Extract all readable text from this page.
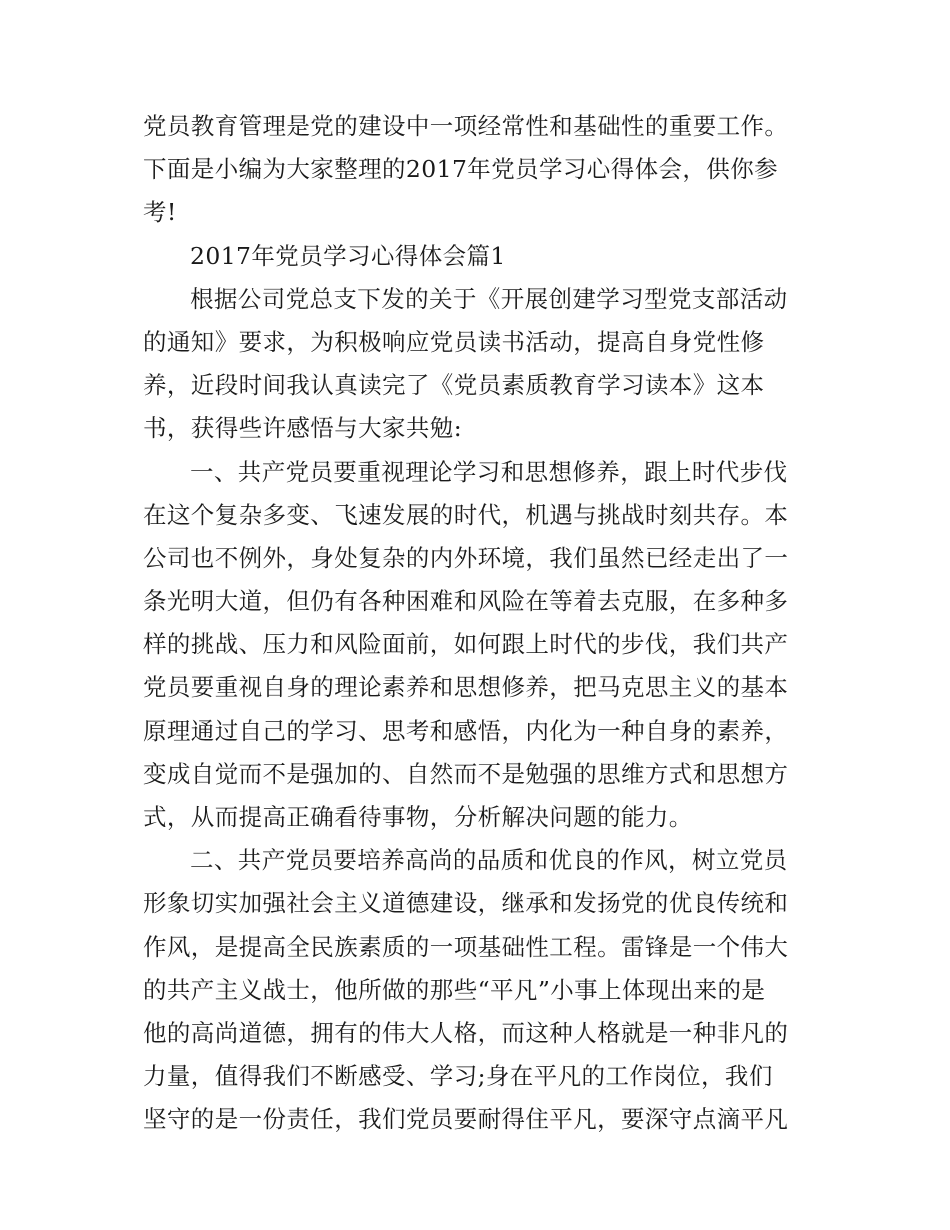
党员教育管理是党的建设中一项经常性和基础性的重要工作。
下面是小编为大家整理的2017年党员学习心得体会，供你参
考!
2017年党员学习心得体会篇1
根据公司党总支下发的关于《开展创建学习型党支部活动
的通知》要求，为积极响应党员读书活动，提高自身党性修
养，近段时间我认真读完了《党员素质教育学习读本》这本
书，获得些许感悟与大家共勉:
一、共产党员要重视理论学习和思想修养，跟上时代步伐
在这个复杂多变、飞速发展的时代，机遇与挑战时刻共存。本
公司也不例外，身处复杂的内外环境，我们虽然已经走出了一
条光明大道，但仍有各种困难和风险在等着去克服，在多种多
样的挑战、压力和风险面前，如何跟上时代的步伐，我们共产
党员要重视自身的理论素养和思想修养，把马克思主义的基本
原理通过自己的学习、思考和感悟，内化为一种自身的素养，
变成自觉而不是强加的、自然而不是勉强的思维方式和思想方
式，从而提高正确看待事物，分析解决问题的能力。
二、共产党员要培养高尚的品质和优良的作风，树立党员
形象切实加强社会主义道德建设，继承和发扬党的优良传统和
作风，是提高全民族素质的一项基础性工程。雷锋是一个伟大
的共产主义战士，他所做的那些“平凡”小事上体现出来的是
他的高尚道德，拥有的伟大人格，而这种人格就是一种非凡的
力量，值得我们不断感受、学习;身在平凡的工作岗位，我们
坚守的是一份责任，我们党员要耐得住平凡，要深守点滴平凡
